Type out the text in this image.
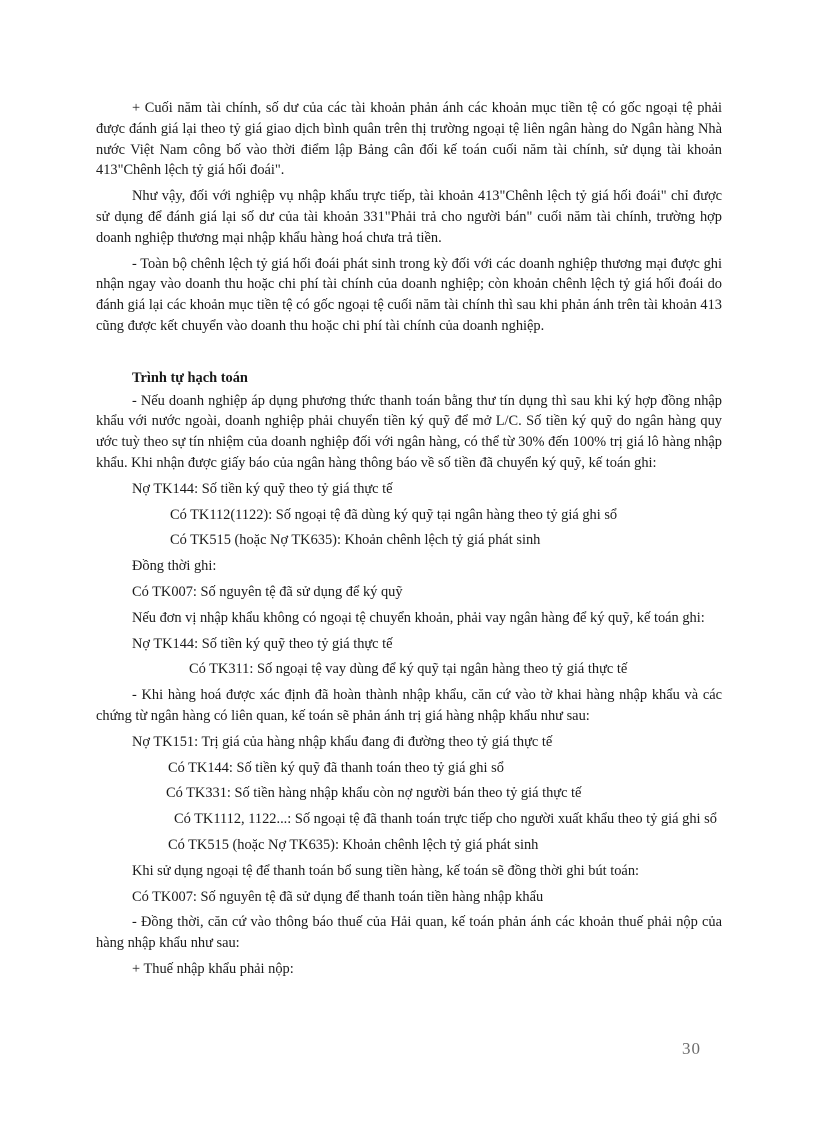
+ Cuối năm tài chính, số dư của các tài khoản phản ánh các khoản mục tiền tệ có gốc ngoại tệ phải được đánh giá lại theo tỷ giá giao dịch bình quân trên thị trường ngoại tệ liên ngân hàng do Ngân hàng Nhà nước Việt Nam công bố vào thời điểm lập Bảng cân đối kế toán cuối năm tài chính, sử dụng tài khoản 413"Chênh lệch tỷ giá hối đoái".

Như vậy, đối với nghiệp vụ nhập khẩu trực tiếp, tài khoản 413"Chênh lệch tỷ giá hối đoái" chỉ được sử dụng để đánh giá lại số dư của tài khoản 331"Phải trả cho người bán" cuối năm tài chính, trường hợp doanh nghiệp thương mại nhập khẩu hàng hoá chưa trả tiền.

- Toàn bộ chênh lệch tỷ giá hối đoái phát sinh trong kỳ đối với các doanh nghiệp thương mại được ghi nhận ngay vào doanh thu hoặc chi phí tài chính của doanh nghiệp; còn khoản chênh lệch tỷ giá hối đoái do đánh giá lại các khoản mục tiền tệ có gốc ngoại tệ cuối năm tài chính thì sau khi phản ánh trên tài khoản 413 cũng được kết chuyển vào doanh thu hoặc chi phí tài chính của doanh nghiệp.

Trình tự hạch toán

- Nếu doanh nghiệp áp dụng phương thức thanh toán bằng thư tín dụng thì sau khi ký hợp đồng nhập khẩu với nước ngoài, doanh nghiệp phải chuyển tiền ký quỹ để mở L/C. Số tiền ký quỹ do ngân hàng quy ước tuỳ theo sự tín nhiệm của doanh nghiệp đối với ngân hàng, có thể từ 30% đến 100% trị giá lô hàng nhập khẩu. Khi nhận được giấy báo của ngân hàng thông báo về số tiền đã chuyển ký quỹ, kế toán ghi:

Nợ TK144: Số tiền ký quỹ theo tỷ giá thực tế

Có TK112(1122): Số ngoại tệ đã dùng ký quỹ tại ngân hàng theo tỷ giá ghi sổ

Có TK515 (hoặc Nợ TK635): Khoản chênh lệch tỷ giá phát sinh

Đồng thời ghi:

Có TK007: Số nguyên tệ đã sử dụng để ký quỹ

Nếu đơn vị nhập khẩu không có ngoại tệ chuyển khoản, phải vay ngân hàng để ký quỹ, kế toán ghi:

Nợ TK144: Số tiền ký quỹ theo tỷ giá thực tế

Có TK311: Số ngoại tệ vay dùng để ký quỹ tại ngân hàng theo tỷ giá thực tế

- Khi hàng hoá được xác định đã hoàn thành nhập khẩu, căn cứ vào tờ khai hàng nhập khẩu và các chứng từ ngân hàng có liên quan, kế toán sẽ phản ánh trị giá hàng nhập khẩu như sau:

Nợ TK151: Trị giá của hàng nhập khẩu đang đi đường theo tỷ giá thực tế

Có TK144: Số tiền ký quỹ đã thanh toán theo tỷ giá ghi sổ

Có TK331: Số tiền hàng nhập khẩu còn nợ người bán theo tỷ giá thực tế

Có TK1112, 1122...: Số ngoại tệ đã thanh toán trực tiếp cho người xuất khẩu theo tỷ giá ghi sổ

Có TK515 (hoặc Nợ TK635): Khoản chênh lệch tỷ giá phát sinh

Khi sử dụng ngoại tệ để thanh toán bổ sung tiền hàng, kế toán sẽ đồng thời ghi bút toán:

Có TK007: Số nguyên tệ đã sử dụng để thanh toán tiền hàng nhập khẩu

- Đồng thời, căn cứ vào thông báo thuế của Hải quan, kế toán phản ánh các khoản thuế phải nộp của hàng nhập khẩu như sau:

+ Thuế nhập khẩu phải nộp:

30
